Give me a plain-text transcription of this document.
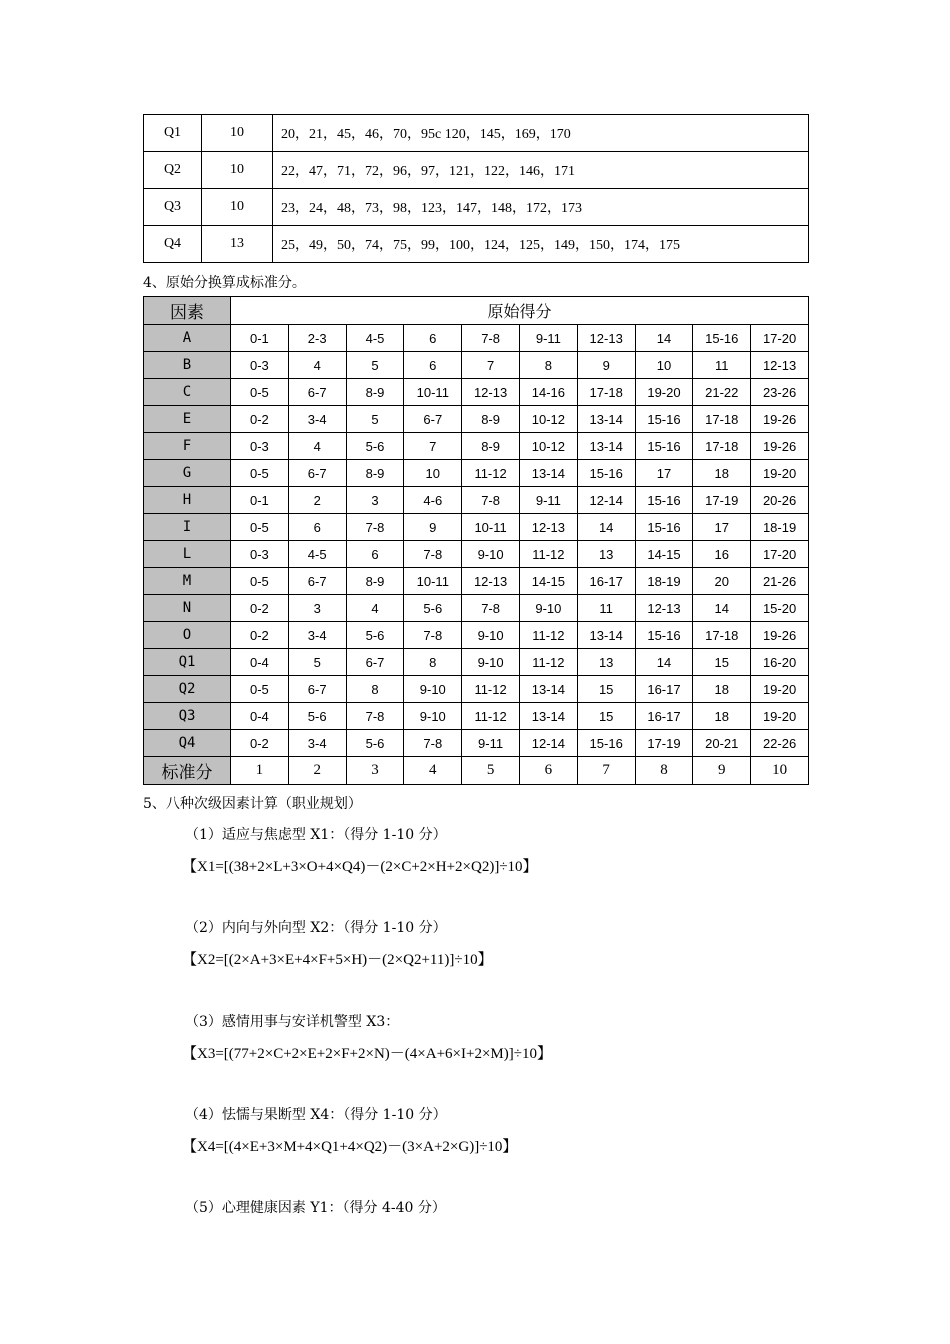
Q1	10	20，21，45，46，70，95c 120，145，169，170
Q2	10	22，47，71，72，96，97，121，122，146，171
Q3	10	23，24，48，73，98，123，147，148，172，173
Q4	13	25，49，50，74，75，99，100，124，125，149，150，174，175
4、原始分换算成标准分。
因素	原始得分									
A	0-1	2-3	4-5	6	7-8	9-11	12-13	14	15-16	17-20
B	0-3	4	5	6	7	8	9	10	11	12-13
C	0-5	6-7	8-9	10-11	12-13	14-16	17-18	19-20	21-22	23-26
E	0-2	3-4	5	6-7	8-9	10-12	13-14	15-16	17-18	19-26
F	0-3	4	5-6	7	8-9	10-12	13-14	15-16	17-18	19-26
G	0-5	6-7	8-9	10	11-12	13-14	15-16	17	18	19-20
H	0-1	2	3	4-6	7-8	9-11	12-14	15-16	17-19	20-26
I	0-5	6	7-8	9	10-11	12-13	14	15-16	17	18-19
L	0-3	4-5	6	7-8	9-10	11-12	13	14-15	16	17-20
M	0-5	6-7	8-9	10-11	12-13	14-15	16-17	18-19	20	21-26
N	0-2	3	4	5-6	7-8	9-10	11	12-13	14	15-20
O	0-2	3-4	5-6	7-8	9-10	11-12	13-14	15-16	17-18	19-26
Q1	0-4	5	6-7	8	9-10	11-12	13	14	15	16-20
Q2	0-5	6-7	8	9-10	11-12	13-14	15	16-17	18	19-20
Q3	0-4	5-6	7-8	9-10	11-12	13-14	15	16-17	18	19-20
Q4	0-2	3-4	5-6	7-8	9-11	12-14	15-16	17-19	20-21	22-26
标准分	1	2	3	4	5	6	7	8	9	10
5、八种次级因素计算（职业规划）
（1）适应与焦虑型 X1：（得分 1-10 分）
【X1=[(38+2×L+3×O+4×Q4)－(2×C+2×H+2×Q2)]÷10】
（2）内向与外向型 X2：（得分 1-10 分）
【X2=[(2×A+3×E+4×F+5×H)－(2×Q2+11)]÷10】
（3）感情用事与安详机警型 X3：
【X3=[(77+2×C+2×E+2×F+2×N)－(4×A+6×I+2×M)]÷10】
（4）怯懦与果断型 X4：（得分 1-10 分）
【X4=[(4×E+3×M+4×Q1+4×Q2)－(3×A+2×G)]÷10】
（5）心理健康因素 Y1：（得分 4-40 分）
